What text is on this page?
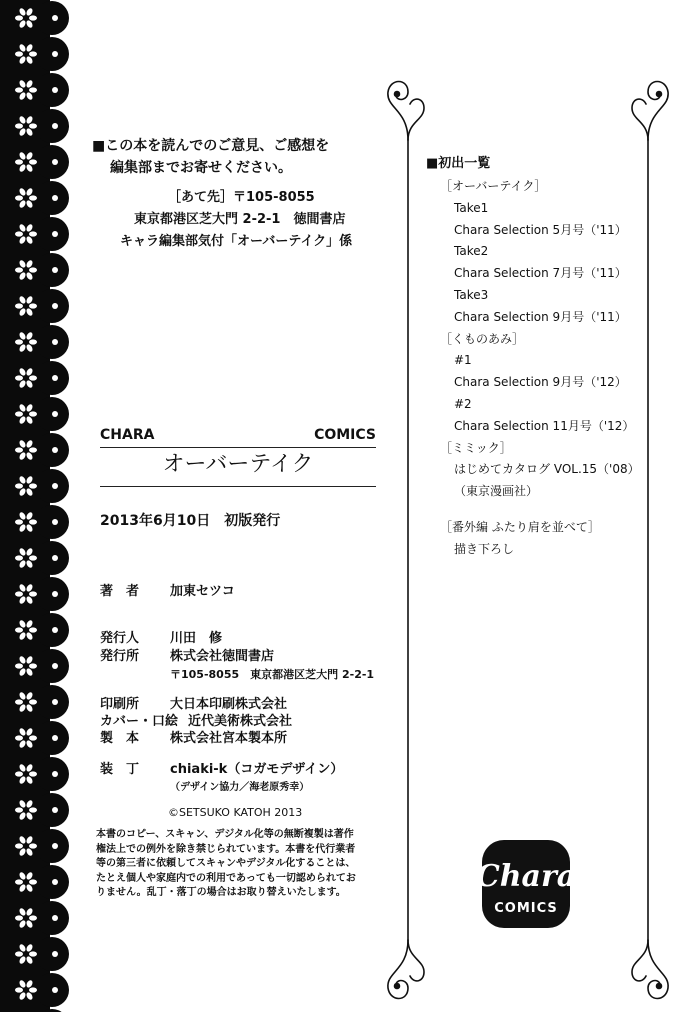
■この本を読んでのご意見、ご感想を
編集部までお寄せください。
［あて先］〒105-8055
東京都港区芝大門 2-2-1　徳間書店
キャラ編集部気付「オーバーテイク」係
CHARA COMICS
オーバーテイク
2013年6月10日　初版発行
著　者 加東セツコ
発行人 川田　修
発行所 株式会社徳間書店
〒105-8055　東京都港区芝大門 2-2-1
印刷所 大日本印刷株式会社
カバー・口絵 近代美術株式会社
製　本 株式会社宮本製本所
装　丁 chiaki-k（コガモデザイン）
（デザイン協力／海老原秀幸）
©SETSUKO KATOH 2013
本書のコピー、スキャン、デジタル化等の無断複製は著作
権法上での例外を除き禁じられています。本書を代行業者
等の第三者に依頼してスキャンやデジタル化することは、
たとえ個人や家庭内での利用であっても一切認められてお
りません。乱丁・落丁の場合はお取り替えいたします。
■初出一覧
［オーバーテイク］
Take1
Chara Selection 5月号（'11）
Take2
Chara Selection 7月号（'11）
Take3
Chara Selection 9月号（'11）
［くものあみ］
#1
Chara Selection 9月号（'12）
#2
Chara Selection 11月号（'12）
［ミミック］
はじめてカタログ VOL.15（'08）
（東京漫画社）
［番外編 ふたり肩を並べて］
描き下ろし
Chara
COMICS
